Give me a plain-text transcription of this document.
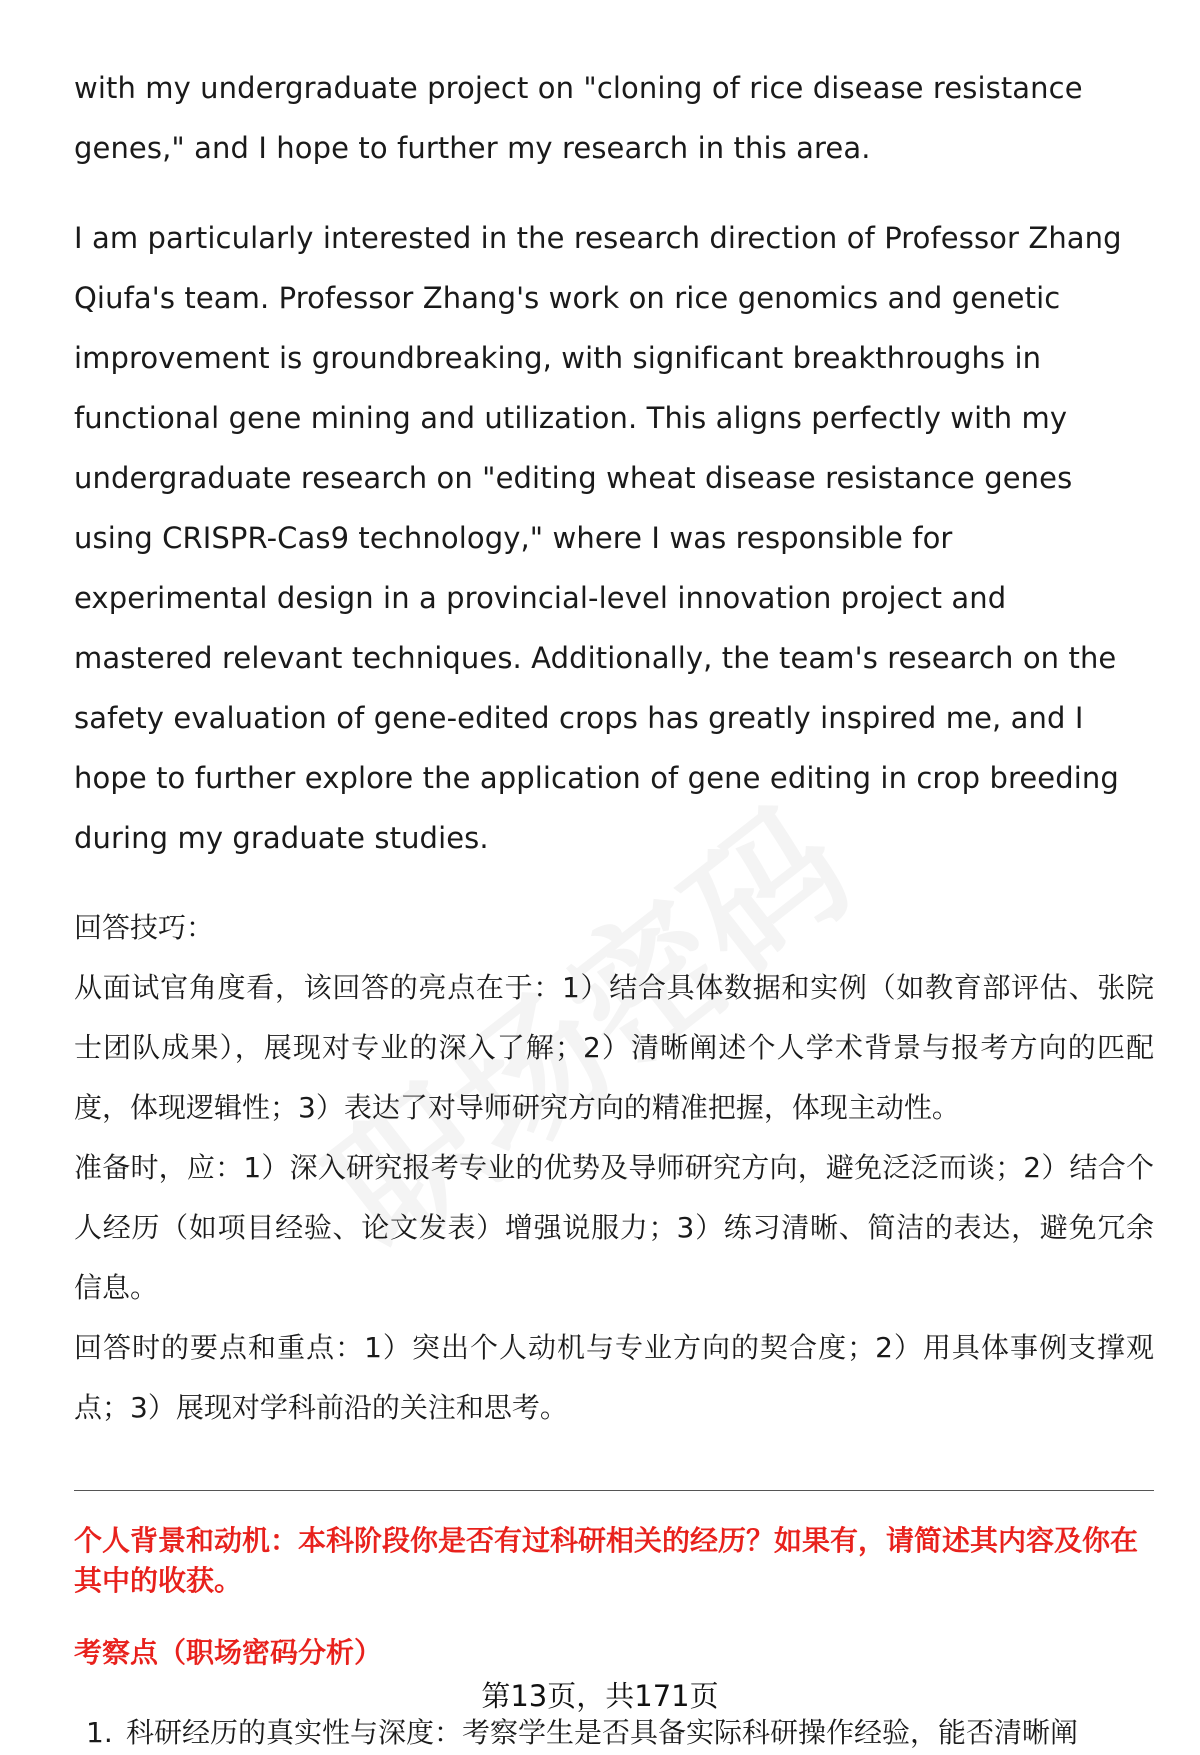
with my undergraduate project on "cloning of rice disease resistance genes," and I hope to further my research in this area.

I am particularly interested in the research direction of Professor Zhang Qiufa's team. Professor Zhang's work on rice genomics and genetic improvement is groundbreaking, with significant breakthroughs in functional gene mining and utilization. This aligns perfectly with my undergraduate research on "editing wheat disease resistance genes using CRISPR-Cas9 technology," where I was responsible for experimental design in a provincial-level innovation project and mastered relevant techniques. Additionally, the team's research on the safety evaluation of gene-edited crops has greatly inspired me, and I hope to further explore the application of gene editing in crop breeding during my graduate studies.

回答技巧：

从面试官角度看，该回答的亮点在于：1）结合具体数据和实例（如教育部评估、张院士团队成果），展现对专业的深入了解；2）清晰阐述个人学术背景与报考方向的匹配度，体现逻辑性；3）表达了对导师研究方向的精准把握，体现主动性。

准备时，应：1）深入研究报考专业的优势及导师研究方向，避免泛泛而谈；2）结合个人经历（如项目经验、论文发表）增强说服力；3）练习清晰、简洁的表达，避免冗余信息。

回答时的要点和重点：1）突出个人动机与专业方向的契合度；2）用具体事例支撑观点；3）展现对学科前沿的关注和思考。

个人背景和动机：本科阶段你是否有过科研相关的经历？如果有，请简述其内容及你在其中的收获。

考察点（职场密码分析）

1. 科研经历的真实性与深度：考察学生是否具备实际科研操作经验，能否清晰阐
第13页，共171页
